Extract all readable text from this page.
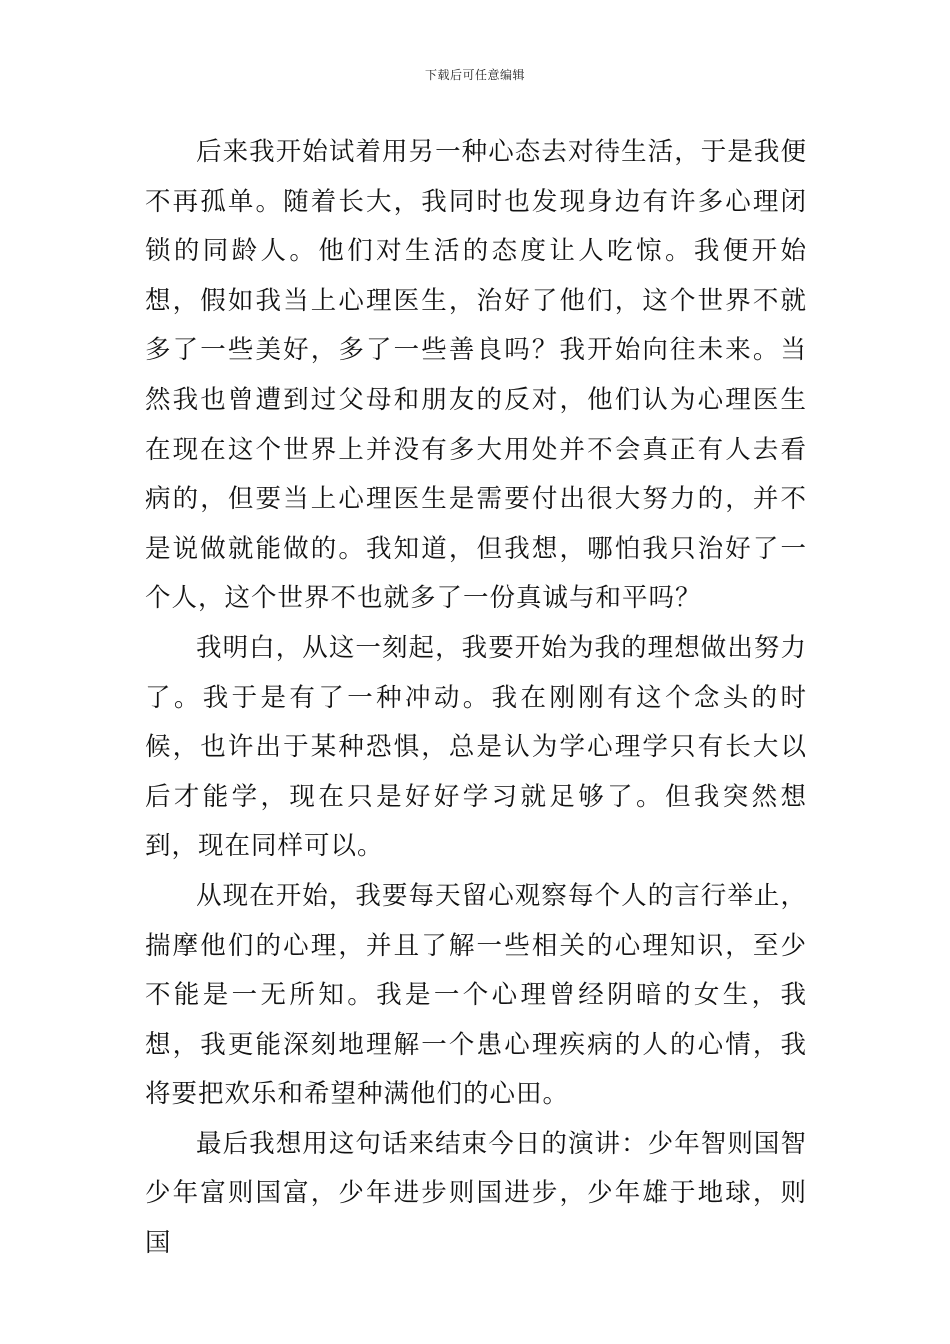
下载后可任意编辑

后来我开始试着用另一种心态去对待生活，于是我便不再孤单。随着长大，我同时也发现身边有许多心理闭锁的同龄人。他们对生活的态度让人吃惊。我便开始想，假如我当上心理医生，治好了他们，这个世界不就多了一些美好，多了一些善良吗？我开始向往未来。当然我也曾遭到过父母和朋友的反对，他们认为心理医生在现在这个世界上并没有多大用处并不会真正有人去看病的，但要当上心理医生是需要付出很大努力的，并不是说做就能做的。我知道，但我想，哪怕我只治好了一个人，这个世界不也就多了一份真诚与和平吗？

我明白，从这一刻起，我要开始为我的理想做出努力了。我于是有了一种冲动。我在刚刚有这个念头的时候，也许出于某种恐惧，总是认为学心理学只有长大以后才能学，现在只是好好学习就足够了。但我突然想到，现在同样可以。

从现在开始，我要每天留心观察每个人的言行举止，揣摩他们的心理，并且了解一些相关的心理知识，至少不能是一无所知。我是一个心理曾经阴暗的女生，我想，我更能深刻地理解一个患心理疾病的人的心情，我将要把欢乐和希望种满他们的心田。

最后我想用这句话来结束今日的演讲：少年智则国智少年富则国富，少年进步则国进步，少年雄于地球，则国
